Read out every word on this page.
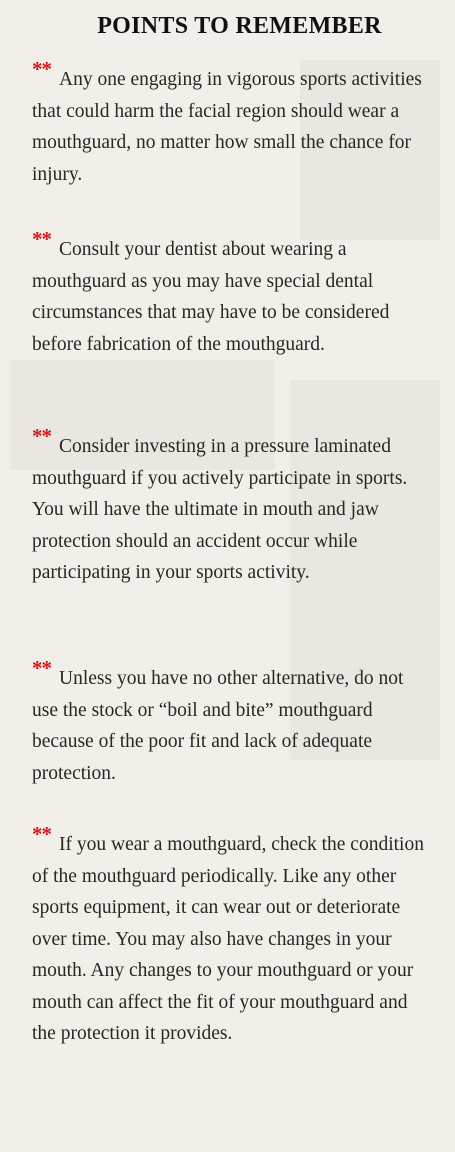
POINTS TO REMEMBER
** Any one engaging in vigorous sports activities that could harm the facial region should wear a mouthguard, no matter how small the chance for injury.
** Consult your dentist about wearing a mouthguard as you may have special dental circumstances that may have to be considered before fabrication of the mouthguard.
** Consider investing in a pressure laminated mouthguard if you actively participate in sports. You will have the ultimate in mouth and jaw protection should an accident occur while participating in your sports activity.
** Unless you have no other alternative, do not use the stock or “boil and bite” mouthguard because of the poor fit and lack of adequate protection.
** If you wear a mouthguard, check the condition of the mouthguard periodically. Like any other sports equipment, it can wear out or deteriorate over time. You may also have changes in your mouth. Any changes to your mouthguard or your mouth can affect the fit of your mouthguard and the protection it provides.
